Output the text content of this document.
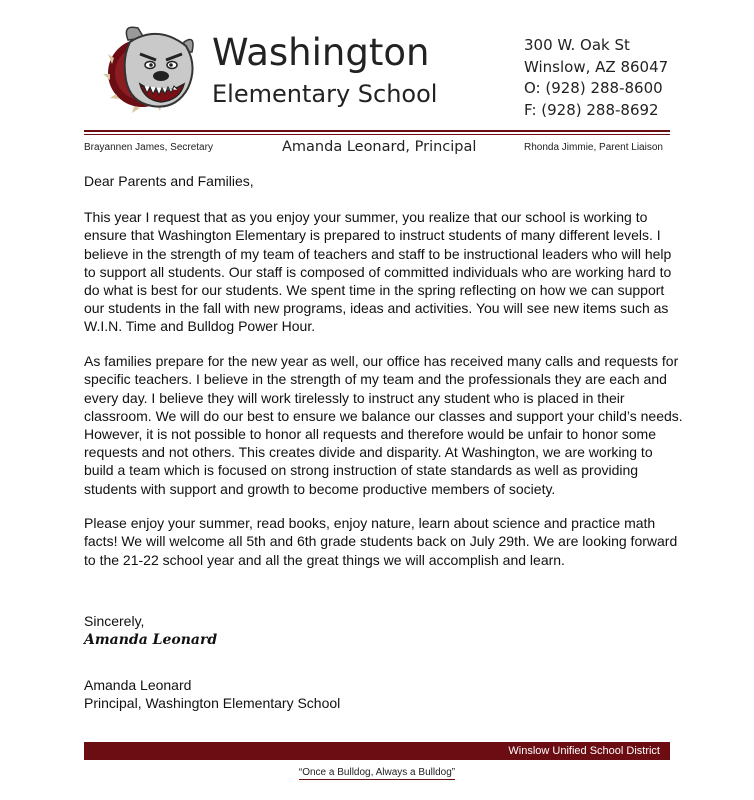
Washington
Elementary School
300 W. Oak St
Winslow, AZ 86047
O: (928) 288-8600
F: (928) 288-8692
Brayannen James, Secretary	Amanda Leonard, Principal	Rhonda Jimmie, Parent Liaison
Dear Parents and Families,
This year I request that as you enjoy your summer, you realize that our school is working to ensure that Washington Elementary is prepared to instruct students of many different levels. I believe in the strength of my team of teachers and staff to be instructional leaders who will help to support all students. Our staff is composed of committed individuals who are working hard to do what is best for our students. We spent time in the spring reflecting on how we can support our students in the fall with new programs, ideas and activities. You will see new items such as W.I.N. Time and Bulldog Power Hour.
As families prepare for the new year as well, our office has received many calls and requests for specific teachers. I believe in the strength of my team and the professionals they are each and every day. I believe they will work tirelessly to instruct any student who is placed in their classroom. We will do our best to ensure we balance our classes and support your child’s needs. However, it is not possible to honor all requests and therefore would be unfair to honor some requests and not others. This creates divide and disparity. At Washington, we are working to build a team which is focused on strong instruction of state standards as well as providing students with support and growth to become productive members of society.
Please enjoy your summer, read books, enjoy nature, learn about science and practice math facts! We will welcome all 5th and 6th grade students back on July 29th. We are looking forward to the 21-22 school year and all the great things we will accomplish and learn.
Sincerely,
Amanda Leonard
Amanda Leonard
Principal, Washington Elementary School
Winslow Unified School District
“Once a Bulldog, Always a Bulldog”
